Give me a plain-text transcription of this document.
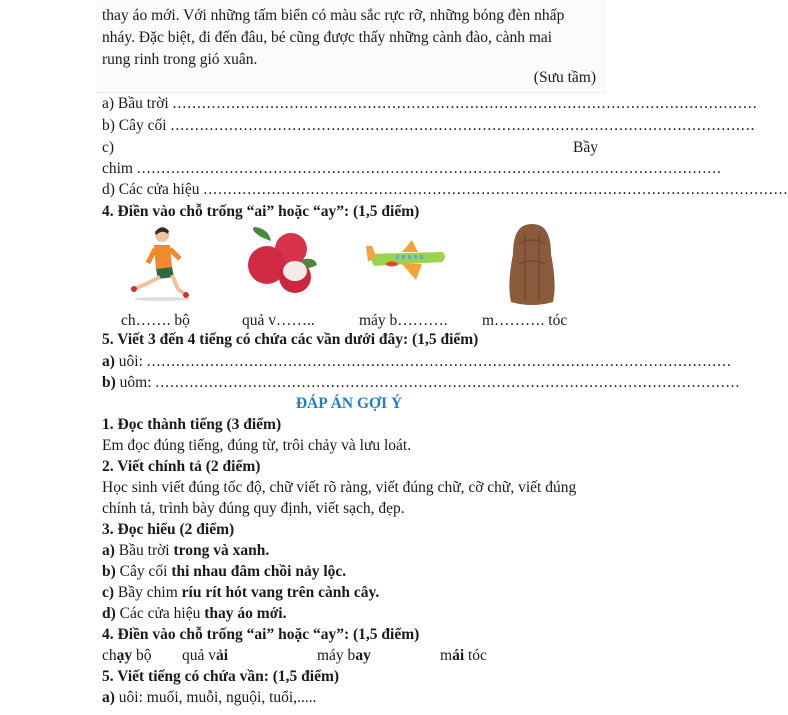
thay áo mới. Với những tấm biển có màu sắc rực rỡ, những bóng đèn nhấp
nháy. Đặc biệt, đi đến đâu, bé cũng được thấy những cành đào, cành mai
rung rinh trong gió xuân.
(Sưu tầm)
a) Bầu trời ........................................................................................................................
b) Cây cối ........................................................................................................................
c)	Bầy
chim ........................................................................................................................
d) Các cửa hiệu ........................................................................................................................
4. Điền vào chỗ trống “ai” hoặc “ay”: (1,5 điểm)
ch……. bộ	quả v……..	máy b………. m………. tóc
5. Viết 3 đến 4 tiếng có chứa các vần dưới đây: (1,5 điểm)
a) uôi: ........................................................................................................................
b) uôm: ........................................................................................................................
ĐÁP ÁN GỢI Ý
1. Đọc thành tiếng (3 điểm)
Em đọc đúng tiếng, đúng từ, trôi chảy và lưu loát.
2. Viết chính tả (2 điểm)
Học sinh viết đúng tốc độ, chữ viết rõ ràng, viết đúng chữ, cỡ chữ, viết đúng
chính tả, trình bày đúng quy định, viết sạch, đẹp.
3. Đọc hiểu (2 điểm)
a) Bầu trời trong và xanh.
b) Cây cối thi nhau đâm chồi nảy lộc.
c) Bầy chim ríu rít hót vang trên cành cây.
d) Các cửa hiệu thay áo mới.
4. Điền vào chỗ trống “ai” hoặc “ay”: (1,5 điểm)
chạy bộ quả vải	máy bay	mái tóc
5. Viết tiếng có chứa vần: (1,5 điểm)
a) uôi: muối, muỗi, nguội, tuổi,.....
